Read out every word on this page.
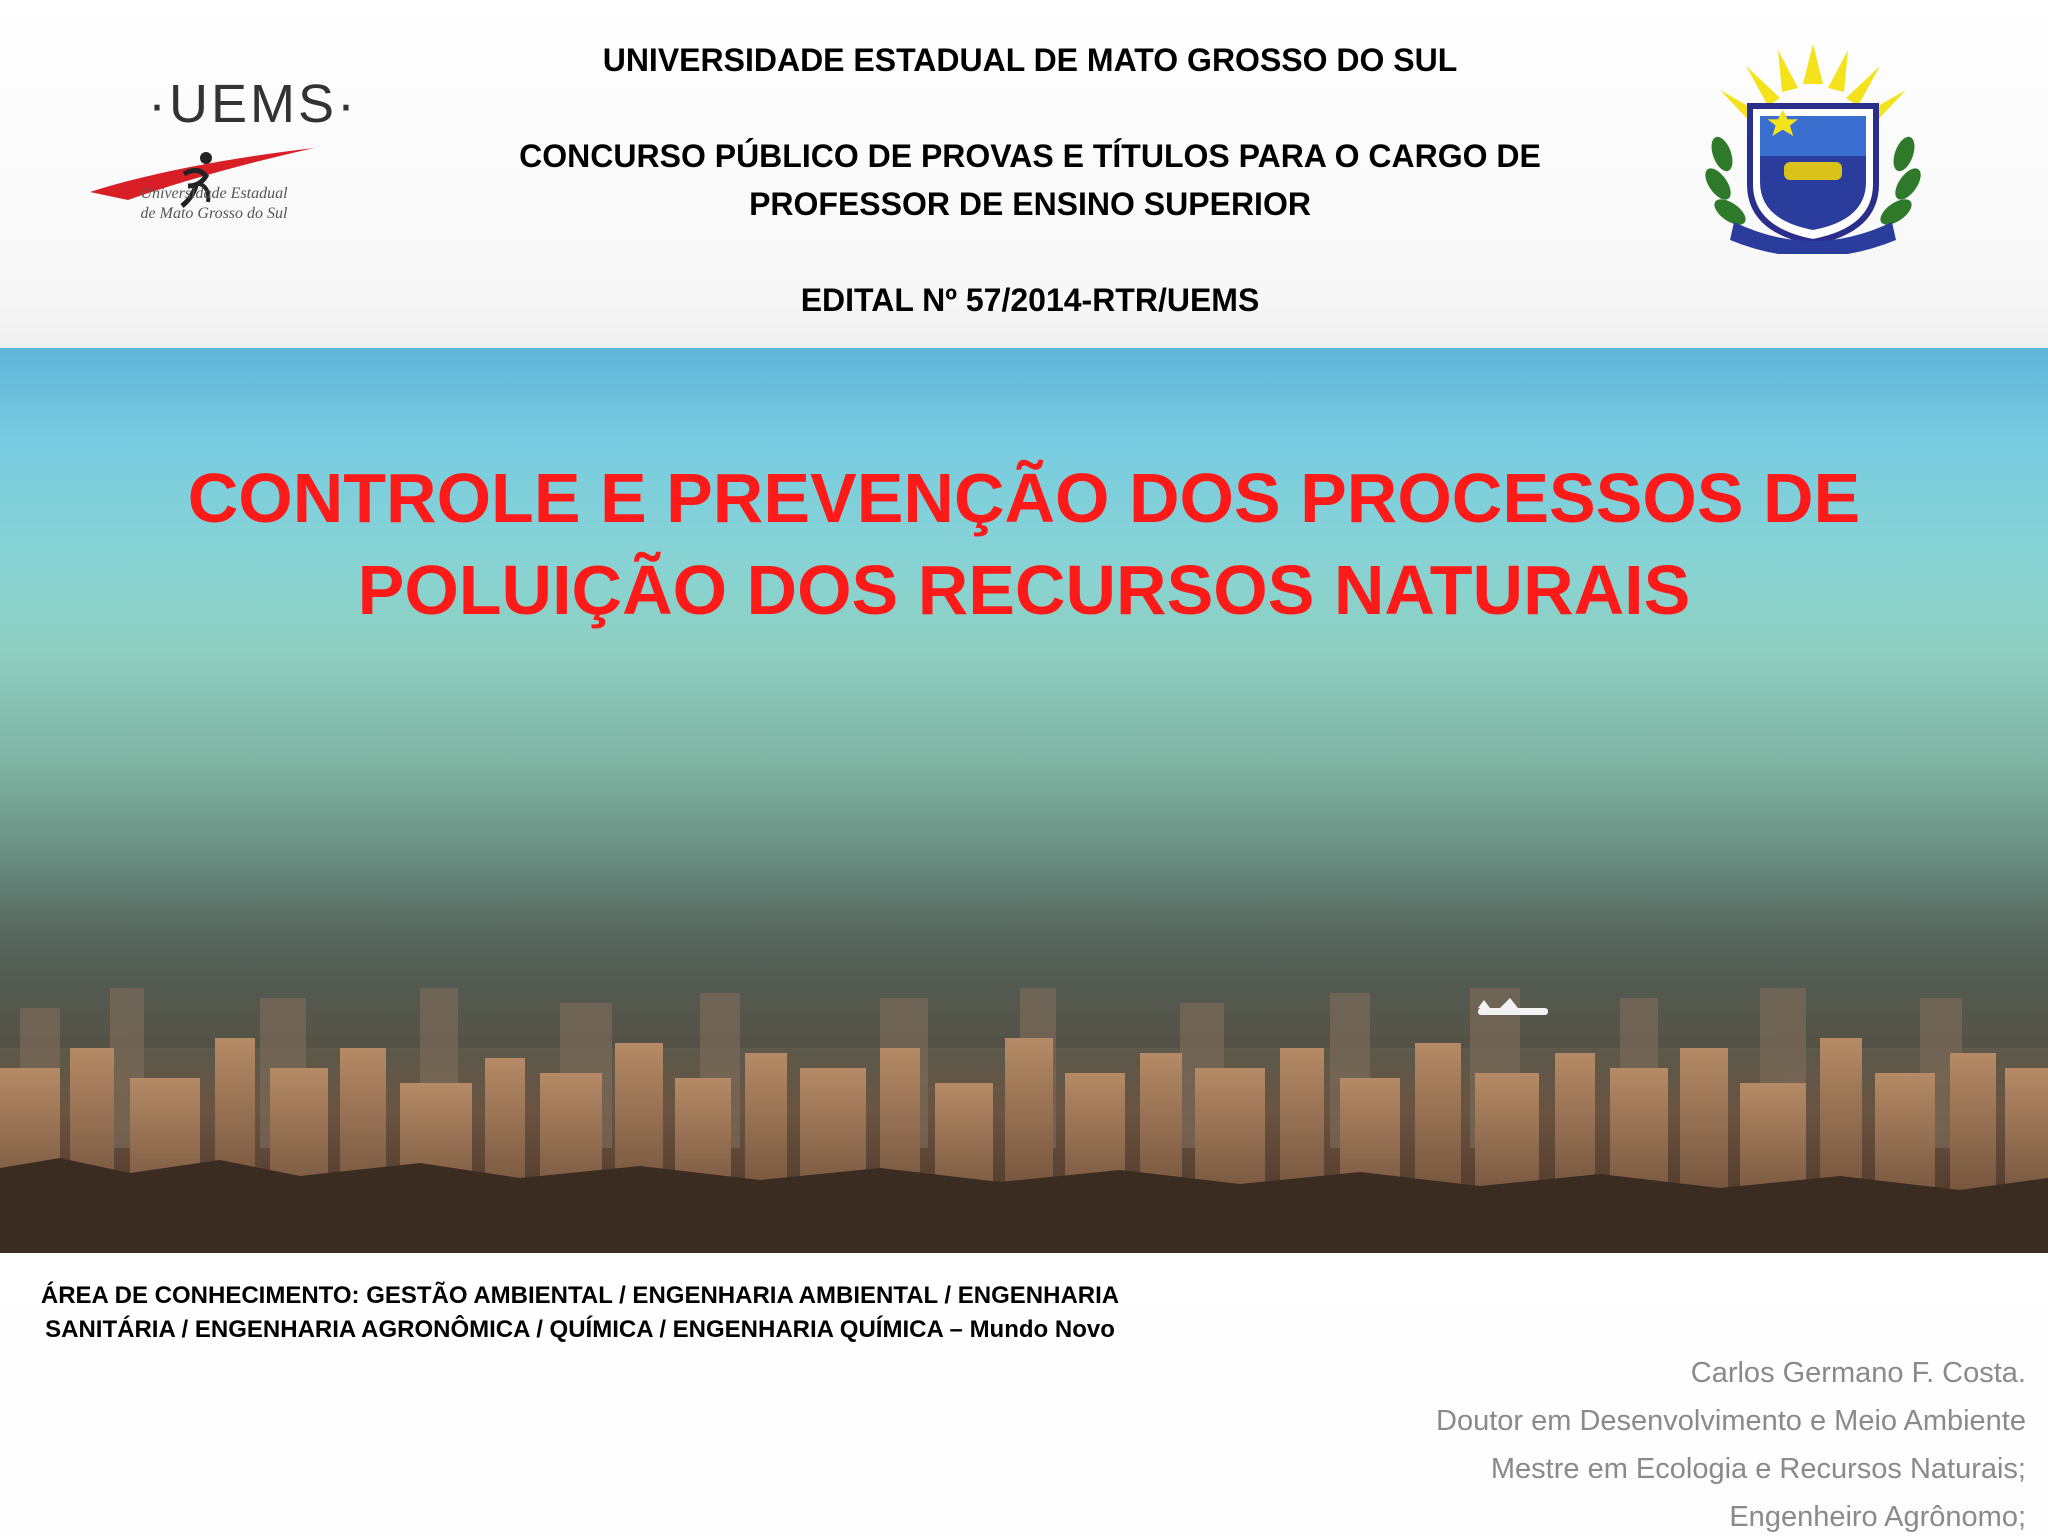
·UEMS·
Universidade Estadual
de Mato Grosso do Sul

UNIVERSIDADE ESTADUAL DE MATO GROSSO DO SUL

CONCURSO PÚBLICO DE PROVAS E TÍTULOS PARA O CARGO DE

PROFESSOR DE ENSINO SUPERIOR

EDITAL Nº 57/2014-RTR/UEMS

CONTROLE E PREVENÇÃO DOS PROCESSOS DE

POLUIÇÃO DOS RECURSOS NATURAIS

ÁREA DE CONHECIMENTO: GESTÃO AMBIENTAL / ENGENHARIA AMBIENTAL / ENGENHARIA

SANITÁRIA / ENGENHARIA AGRONÔMICA / QUÍMICA / ENGENHARIA QUÍMICA – Mundo Novo

Carlos Germano F. Costa.

Doutor em Desenvolvimento e Meio Ambiente

Mestre em Ecologia e Recursos Naturais;

Engenheiro Agrônomo;
